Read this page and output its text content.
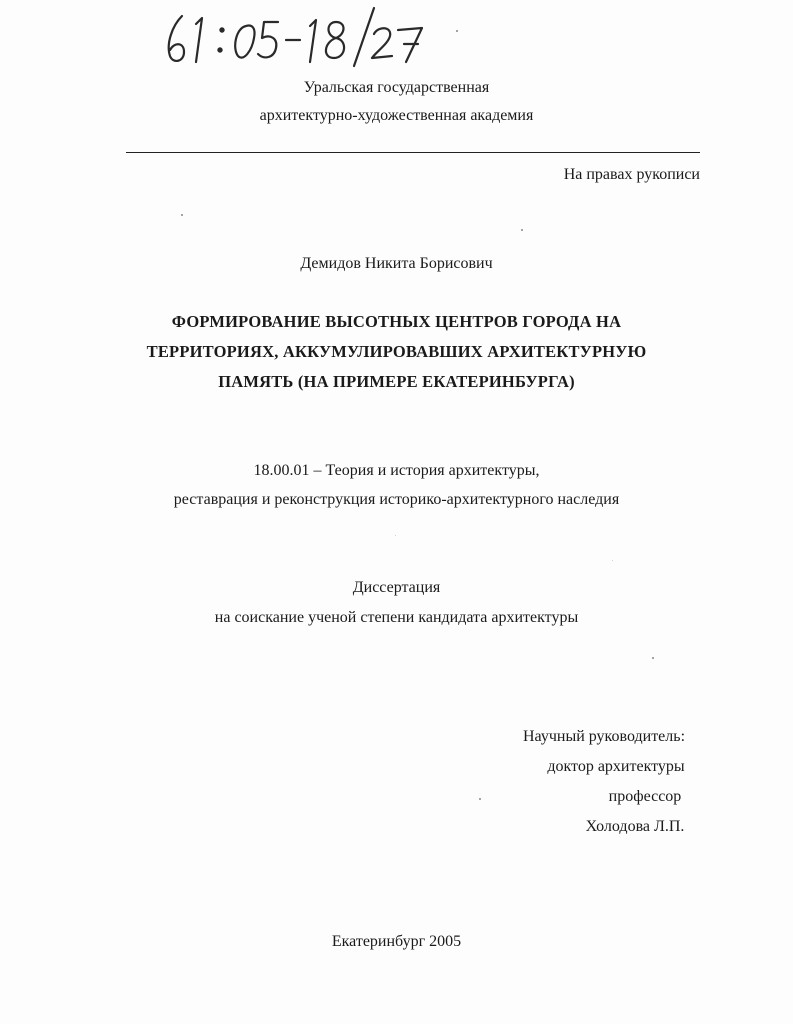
Уральская государственная
архитектурно-художественная академия
На правах рукописи
Демидов Никита Борисович
ФОРМИРОВАНИЕ ВЫСОТНЫХ ЦЕНТРОВ ГОРОДА НА
ТЕРРИТОРИЯХ, АККУМУЛИРОВАВШИХ АРХИТЕКТУРНУЮ
ПАМЯТЬ (НА ПРИМЕРЕ ЕКАТЕРИНБУРГА)
18.00.01 – Теория и история архитектуры,
реставрация и реконструкция историко-архитектурного наследия
Диссертация
на соискание ученой степени кандидата архитектуры
Научный руководитель:
доктор архитектуры
профессор
Холодова Л.П.
Екатеринбург 2005
